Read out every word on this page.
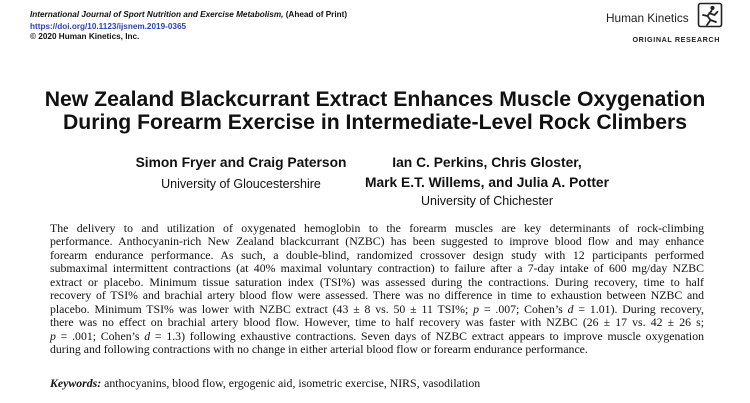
International Journal of Sport Nutrition and Exercise Metabolism, (Ahead of Print)
https://doi.org/10.1123/ijsnem.2019-0365
© 2020 Human Kinetics, Inc.
Human Kinetics
ORIGINAL RESEARCH
New Zealand Blackcurrant Extract Enhances Muscle Oxygenation
During Forearm Exercise in Intermediate-Level Rock Climbers
Simon Fryer and Craig Paterson
University of Gloucestershire
Ian C. Perkins, Chris Gloster,
Mark E.T. Willems, and Julia A. Potter
University of Chichester
The delivery to and utilization of oxygenated hemoglobin to the forearm muscles are key determinants of rock-climbing
performance. Anthocyanin-rich New Zealand blackcurrant (NZBC) has been suggested to improve blood flow and may enhance
forearm endurance performance. As such, a double-blind, randomized crossover design study with 12 participants performed
submaximal intermittent contractions (at 40% maximal voluntary contraction) to failure after a 7-day intake of 600 mg/day NZBC
extract or placebo. Minimum tissue saturation index (TSI%) was assessed during the contractions. During recovery, time to half
recovery of TSI% and brachial artery blood flow were assessed. There was no difference in time to exhaustion between NZBC and
placebo. Minimum TSI% was lower with NZBC extract (43 ± 8 vs. 50 ± 11 TSI%; p = .007; Cohen’s d = 1.01). During recovery,
there was no effect on brachial artery blood flow. However, time to half recovery was faster with NZBC (26 ± 17 vs. 42 ± 26 s;
p = .001; Cohen’s d = 1.3) following exhaustive contractions. Seven days of NZBC extract appears to improve muscle oxygenation
during and following contractions with no change in either arterial blood flow or forearm endurance performance.
Keywords: anthocyanins, blood flow, ergogenic aid, isometric exercise, NIRS, vasodilation
